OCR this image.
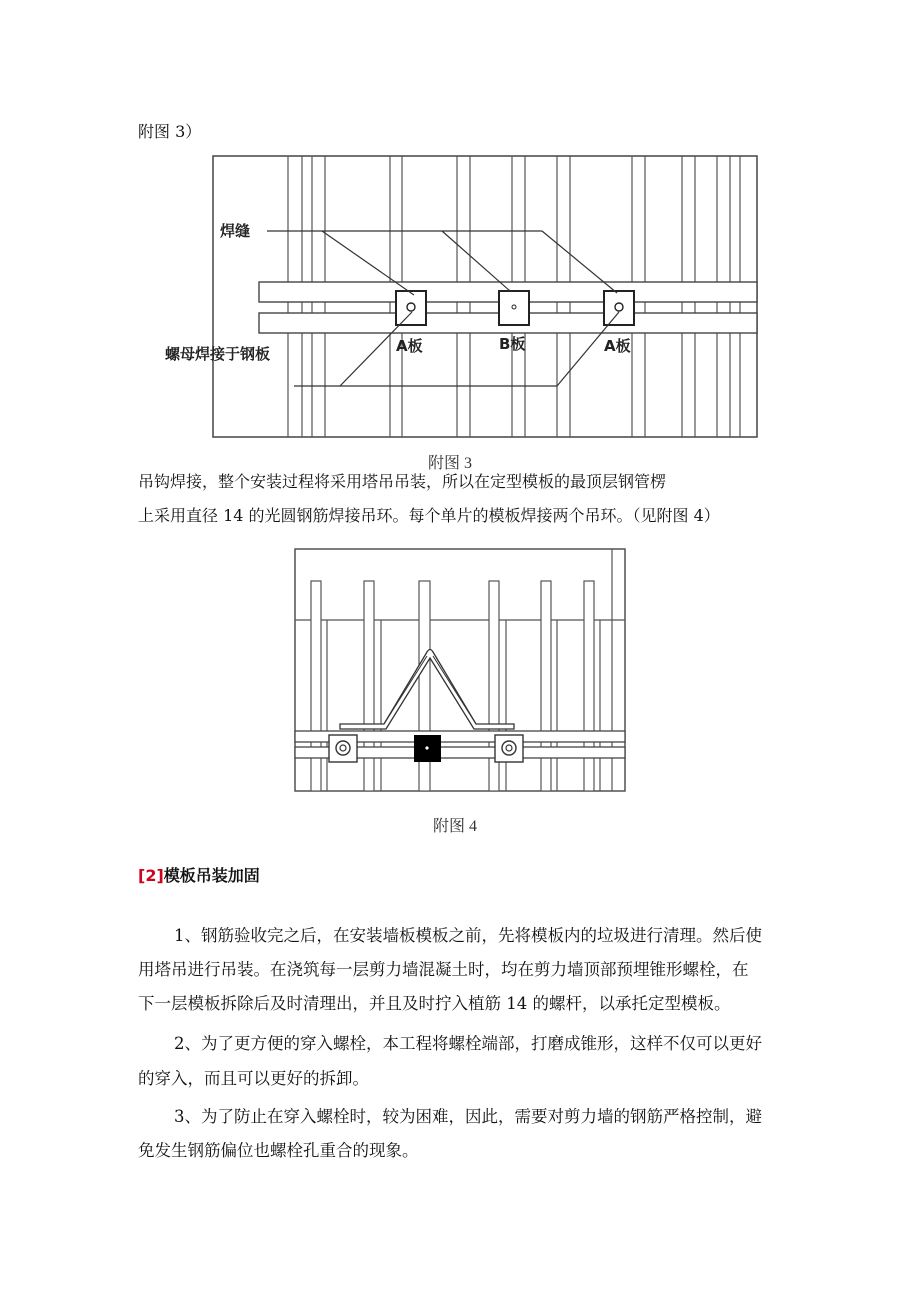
附图 3）
焊缝
A板	B板	A板
螺母焊接于钢板
附图 3
吊钩焊接，整个安装过程将采用塔吊吊装，所以在定型模板的最顶层钢管楞
上采用直径 14 的光圆钢筋焊接吊环。每个单片的模板焊接两个吊环。（见附图 4）
附图 4
[2]模板吊装加固
1、钢筋验收完之后，在安装墙板模板之前，先将模板内的垃圾进行清理。然后使
用塔吊进行吊装。在浇筑每一层剪力墙混凝土时，均在剪力墙顶部预埋锥形螺栓，在
下一层模板拆除后及时清理出，并且及时拧入植筋 14 的螺杆，以承托定型模板。
2、为了更方便的穿入螺栓，本工程将螺栓端部，打磨成锥形，这样不仅可以更好
的穿入，而且可以更好的拆卸。
3、为了防止在穿入螺栓时，较为困难，因此，需要对剪力墙的钢筋严格控制，避
免发生钢筋偏位也螺栓孔重合的现象。
